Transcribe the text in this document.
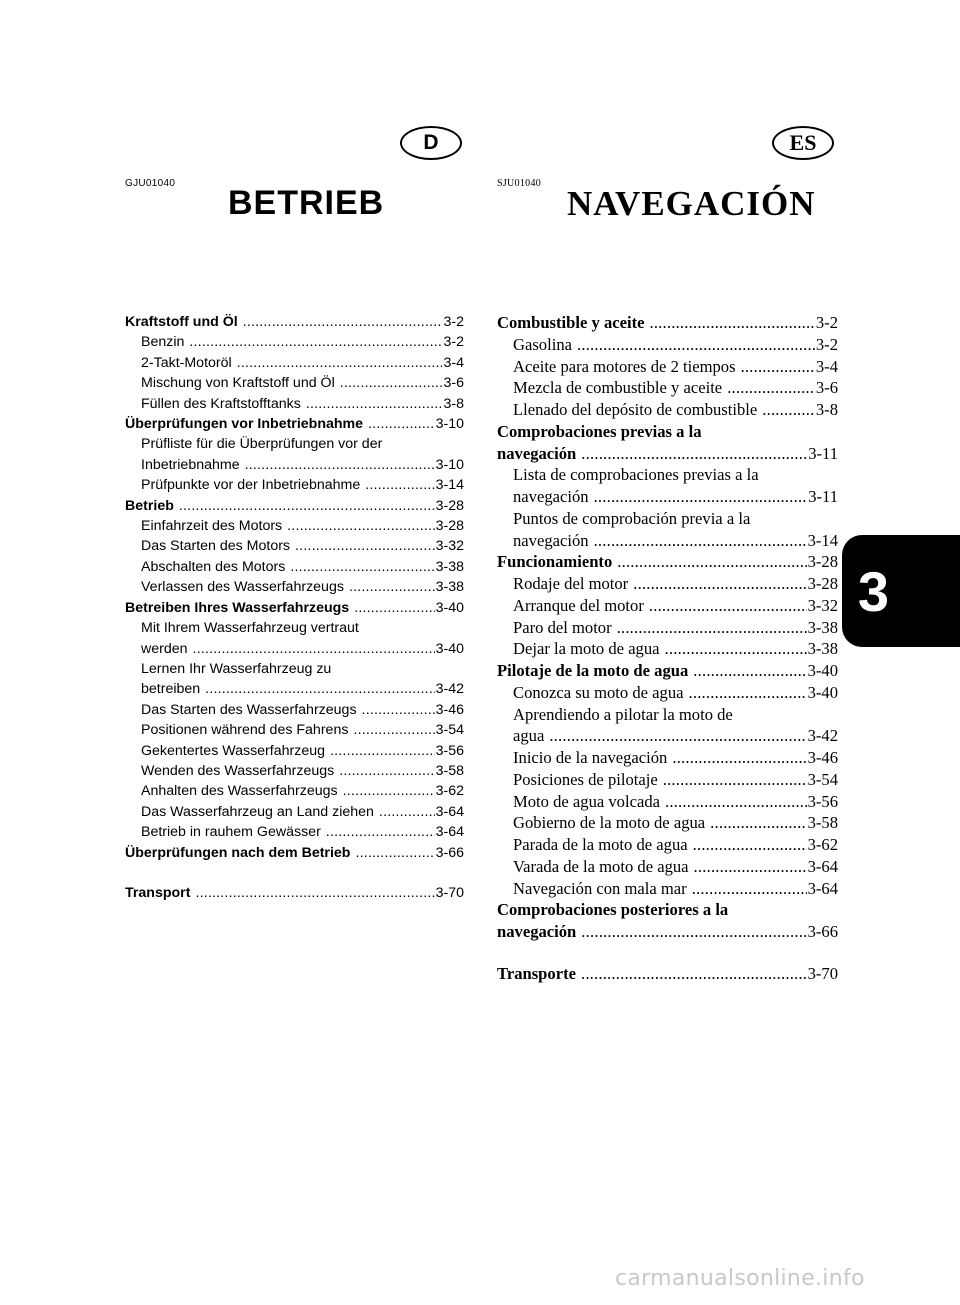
D	ES
GJU01040	SJU01040
BETRIEB	NAVEGACIÓN
Kraftstoff und Öl .....	3-2
Benzin .....	3-2
2-Takt-Motoröl .....	3-4
Mischung von Kraftstoff und Öl .....	3-6
Füllen des Kraftstofftanks .....	3-8
Überprüfungen vor Inbetriebnahme .....	3-10
Prüfliste für die Überprüfungen vor der
Inbetriebnahme .....	3-10
Prüfpunkte vor der Inbetriebnahme .....	3-14
Betrieb .....	3-28
Einfahrzeit des Motors .....	3-28
Das Starten des Motors .....	3-32
Abschalten des Motors .....	3-38
Verlassen des Wasserfahrzeugs .....	3-38
Betreiben Ihres Wasserfahrzeugs .....	3-40
Mit Ihrem Wasserfahrzeug vertraut
werden .....	3-40
Lernen Ihr Wasserfahrzeug zu
betreiben .....	3-42
Das Starten des Wasserfahrzeugs .....	3-46
Positionen während des Fahrens .....	3-54
Gekentertes Wasserfahrzeug .....	3-56
Wenden des Wasserfahrzeugs .....	3-58
Anhalten des Wasserfahrzeugs .....	3-62
Das Wasserfahrzeug an Land ziehen .....	3-64
Betrieb in rauhem Gewässer .....	3-64
Überprüfungen nach dem Betrieb .....	3-66
Transport .....	3-70
Combustible y aceite .....	3-2
Gasolina .....	3-2
Aceite para motores de 2 tiempos .....	3-4
Mezcla de combustible y aceite .....	3-6
Llenado del depósito de combustible .....	3-8
Comprobaciones previas a la
navegación .....	3-11
Lista de comprobaciones previas a la
navegación .....	3-11
Puntos de comprobación previa a la
navegación .....	3-14
Funcionamiento .....	3-28
Rodaje del motor .....	3-28
Arranque del motor .....	3-32
Paro del motor .....	3-38
Dejar la moto de agua .....	3-38
Pilotaje de la moto de agua .....	3-40
Conozca su moto de agua .....	3-40
Aprendiendo a pilotar la moto de
agua .....	3-42
Inicio de la navegación .....	3-46
Posiciones de pilotaje .....	3-54
Moto de agua volcada .....	3-56
Gobierno de la moto de agua .....	3-58
Parada de la moto de agua .....	3-62
Varada de la moto de agua .....	3-64
Navegación con mala mar .....	3-64
Comprobaciones posteriores a la
navegación .....	3-66
Transporte .....	3-70
3
carmanualsonline.info
